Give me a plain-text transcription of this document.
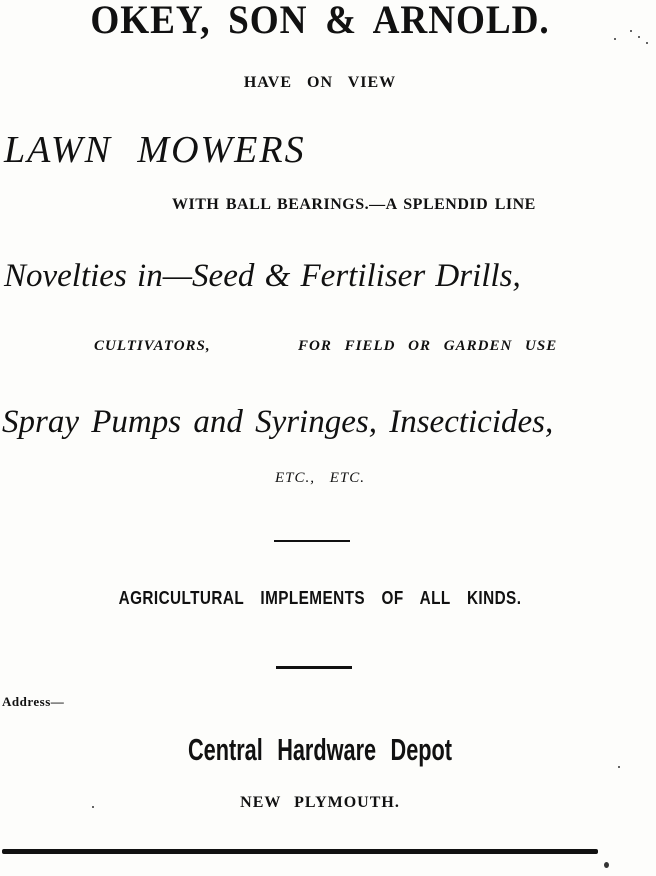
OKEY, SON & ARNOLD.
HAVE ON VIEW
LAWN MOWERS
WITH BALL BEARINGS.—A SPLENDID LINE
Novelties in—Seed & Fertiliser Drills,
CULTIVATORS,	FOR FIELD OR GARDEN USE
Spray Pumps and Syringes, Insecticides,
ETC., ETC.
AGRICULTURAL IMPLEMENTS OF ALL KINDS.
Address—
Central Hardware Depot
NEW PLYMOUTH.
